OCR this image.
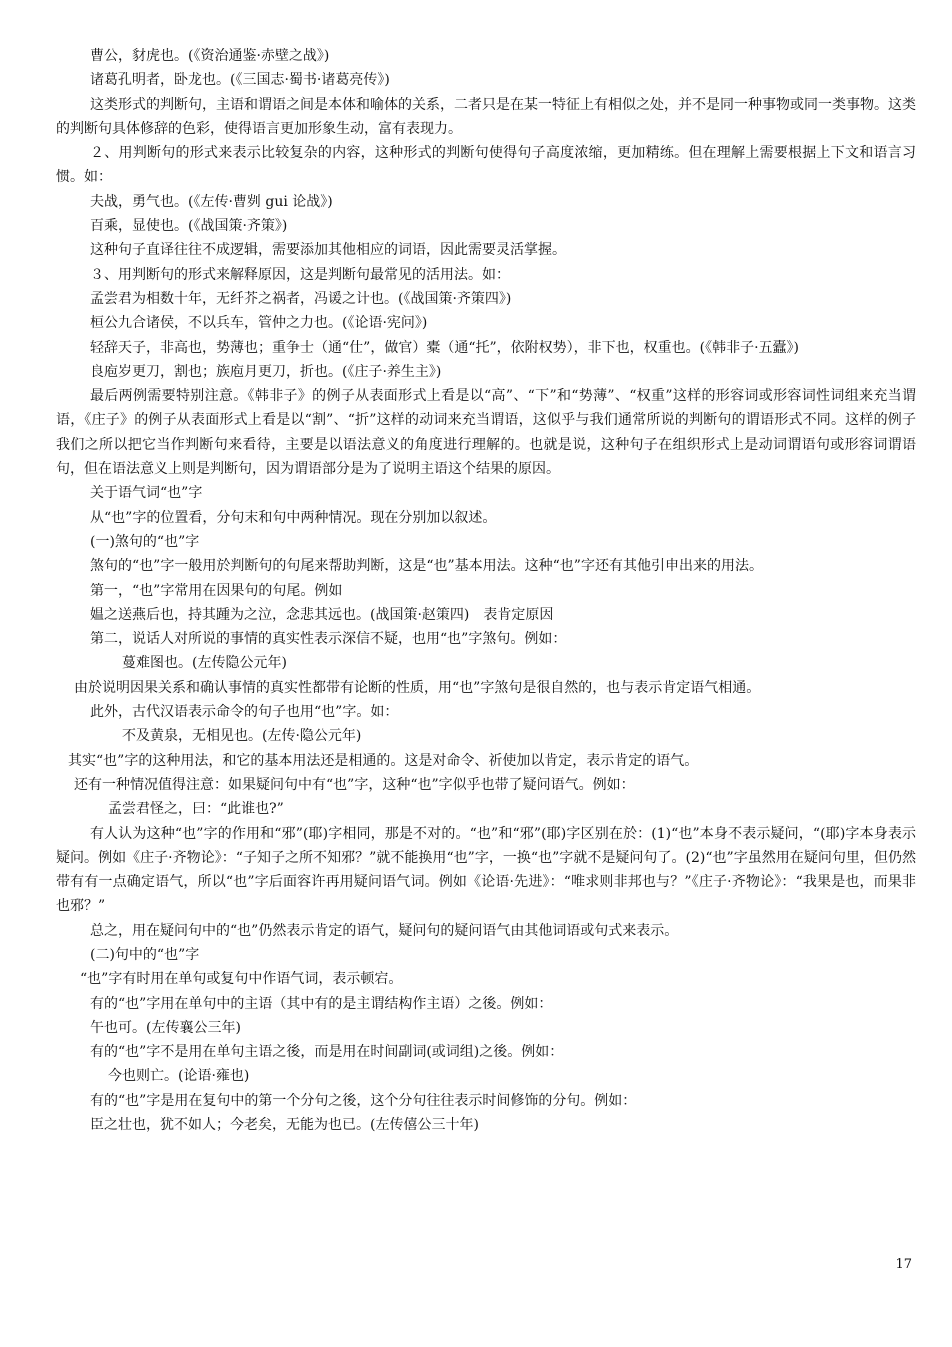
曹公，豺虎也。(《资治通鉴·赤壁之战》)

诸葛孔明者，卧龙也。(《三国志·蜀书·诸葛亮传》)

这类形式的判断句，主语和谓语之间是本体和喻体的关系，二者只是在某一特征上有相似之处，并不是同一种事物或同一类事物。这类的判断句具体修辞的色彩，使得语言更加形象生动，富有表现力。

２、用判断句的形式来表示比较复杂的内容，这种形式的判断句使得句子高度浓缩，更加精练。但在理解上需要根据上下文和语言习惯。如：

夫战，勇气也。(《左传·曹刿 gui 论战》)

百乘，显使也。(《战国策·齐策》)

这种句子直译往往不成逻辑，需要添加其他相应的词语，因此需要灵活掌握。

３、用判断句的形式来解释原因，这是判断句最常见的活用法。如：

孟尝君为相数十年，无纤芥之祸者，冯谖之计也。(《战国策·齐策四》)

桓公九合诸侯，不以兵车，管仲之力也。(《论语·宪问》)

轻辞天子，非高也，势薄也；重争士（通“仕”，做官）橐（通“托”，依附权势），非下也，权重也。(《韩非子·五蠹》)

良庖岁更刀，割也；族庖月更刀，折也。(《庄子·养生主》)

最后两例需要特别注意。《韩非子》的例子从表面形式上看是以“高”、“下”和“势薄”、“权重”这样的形容词或形容词性词组来充当谓语，《庄子》的例子从表面形式上看是以“割”、“折”这样的动词来充当谓语，这似乎与我们通常所说的判断句的谓语形式不同。这样的例子我们之所以把它当作判断句来看待，主要是以语法意义的角度进行理解的。也就是说，这种句子在组织形式上是动词谓语句或形容词谓语句，但在语法意义上则是判断句，因为谓语部分是为了说明主语这个结果的原因。

关于语气词“也”字

从“也”字的位置看，分句末和句中两种情况。现在分别加以叙述。

(一)煞句的“也”字

煞句的“也”字一般用於判断句的句尾来帮助判断，这是“也”基本用法。这种“也”字还有其他引申出来的用法。

第一，“也”字常用在因果句的句尾。例如

媪之送燕后也，持其踵为之泣，念悲其远也。(战国策·赵策四)　表肯定原因

第二，说话人对所说的事情的真实性表示深信不疑，也用“也”字煞句。例如：

蔓难图也。(左传隐公元年)

由於说明因果关系和确认事情的真实性都带有论断的性质，用“也”字煞句是很自然的，也与表示肯定语气相通。

此外，古代汉语表示命令的句子也用“也”字。如：

不及黄泉，无相见也。(左传·隐公元年)

其实“也”字的这种用法，和它的基本用法还是相通的。这是对命令、祈使加以肯定，表示肯定的语气。

还有一种情况值得注意：如果疑问句中有“也”字，这种“也”字似乎也带了疑问语气。例如：

孟尝君怪之，曰：“此谁也?”

有人认为这种“也”字的作用和“邪”(耶)字相同，那是不对的。“也”和“邪”(耶)字区别在於：(1)“也”本身不表示疑问，“(耶)字本身表示疑问。例如《庄子·齐物论》：“子知子之所不知邪？”就不能换用“也”字，一换“也”字就不是疑问句了。(2)“也”字虽然用在疑问句里，但仍然带有有一点确定语气，所以“也”字后面容许再用疑问语气词。例如《论语·先进》：“唯求则非邦也与？”《庄子·齐物论》：“我果是也，而果非也邪？”

总之，用在疑问句中的“也”仍然表示肯定的语气，疑问句的疑问语气由其他词语或句式来表示。

(二)句中的“也”字

“也”字有时用在单句或复句中作语气词，表示顿宕。

有的“也”字用在单句中的主语（其中有的是主谓结构作主语）之後。例如：

午也可。(左传襄公三年)

有的“也”字不是用在单句主语之後，而是用在时间副词(或词组)之後。例如：

今也则亡。(论语·雍也)

有的“也”字是用在复句中的第一个分句之後，这个分句往往表示时间修饰的分句。例如：

臣之壮也，犹不如人；今老矣，无能为也已。(左传僖公三十年)

17
